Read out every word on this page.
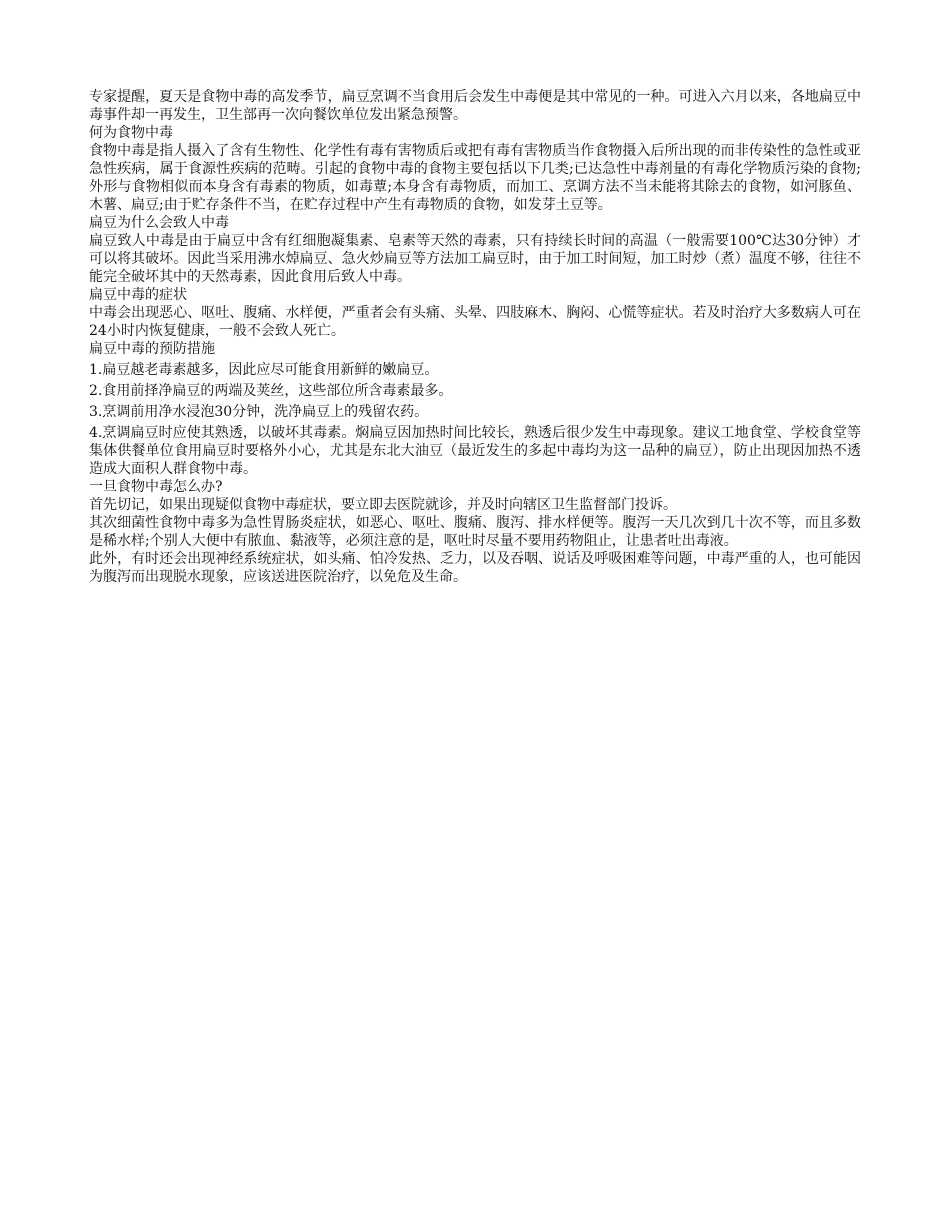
专家提醒，夏天是食物中毒的高发季节，扁豆烹调不当食用后会发生中毒便是其中常见的一种。可进入六月以来，各地扁豆中毒事件却一再发生，卫生部再一次向餐饮单位发出紧急预警。

何为食物中毒

食物中毒是指人摄入了含有生物性、化学性有毒有害物质后或把有毒有害物质当作食物摄入后所出现的而非传染性的急性或亚急性疾病，属于食源性疾病的范畴。引起的食物中毒的食物主要包括以下几类;已达急性中毒剂量的有毒化学物质污染的食物;外形与食物相似而本身含有毒素的物质，如毒蕈;本身含有毒物质，而加工、烹调方法不当未能将其除去的食物，如河豚鱼、木薯、扁豆;由于贮存条件不当，在贮存过程中产生有毒物质的食物，如发芽土豆等。

扁豆为什么会致人中毒

扁豆致人中毒是由于扁豆中含有红细胞凝集素、皂素等天然的毒素，只有持续长时间的高温（一般需要100℃达30分钟）才可以将其破坏。因此当采用沸水焯扁豆、急火炒扁豆等方法加工扁豆时，由于加工时间短，加工时炒（煮）温度不够，往往不能完全破坏其中的天然毒素，因此食用后致人中毒。

扁豆中毒的症状

中毒会出现恶心、呕吐、腹痛、水样便，严重者会有头痛、头晕、四肢麻木、胸闷、心慌等症状。若及时治疗大多数病人可在24小时内恢复健康，一般不会致人死亡。

扁豆中毒的预防措施

1.扁豆越老毒素越多，因此应尽可能食用新鲜的嫩扁豆。

2.食用前择净扁豆的两端及荚丝，这些部位所含毒素最多。

3.烹调前用净水浸泡30分钟，洗净扁豆上的残留农药。

4.烹调扁豆时应使其熟透，以破坏其毒素。焖扁豆因加热时间比较长，熟透后很少发生中毒现象。建议工地食堂、学校食堂等集体供餐单位食用扁豆时要格外小心，尤其是东北大油豆（最近发生的多起中毒均为这一品种的扁豆），防止出现因加热不透造成大面积人群食物中毒。

一旦食物中毒怎么办?

首先切记，如果出现疑似食物中毒症状，要立即去医院就诊，并及时向辖区卫生监督部门投诉。

其次细菌性食物中毒多为急性胃肠炎症状，如恶心、呕吐、腹痛、腹泻、排水样便等。腹泻一天几次到几十次不等，而且多数是稀水样;个别人大便中有脓血、黏液等，必须注意的是，呕吐时尽量不要用药物阻止，让患者吐出毒液。

此外，有时还会出现神经系统症状，如头痛、怕冷发热、乏力，以及吞咽、说话及呼吸困难等问题，中毒严重的人，也可能因为腹泻而出现脱水现象，应该送进医院治疗，以免危及生命。
